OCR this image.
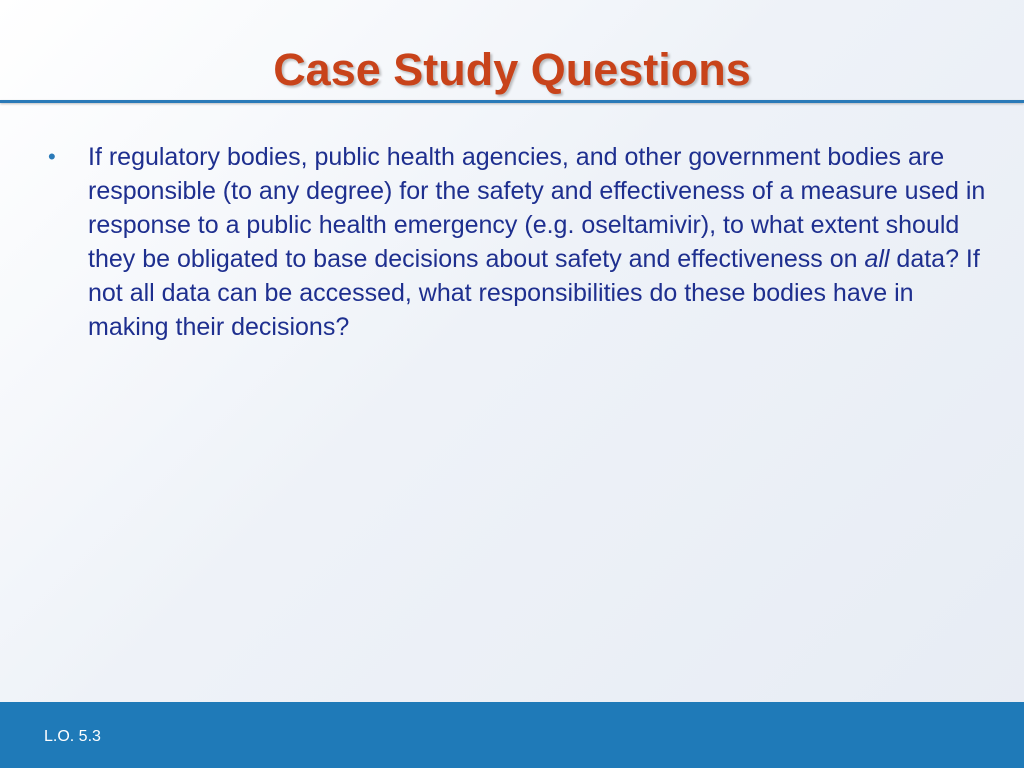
Case Study Questions
• If regulatory bodies, public health agencies, and other government bodies are responsible (to any degree) for the safety and effectiveness of a measure used in response to a public health emergency (e.g. oseltamivir), to what extent should they be obligated to base decisions about safety and effectiveness on all data? If not all data can be accessed, what responsibilities do these bodies have in making their decisions?
L.O. 5.3
